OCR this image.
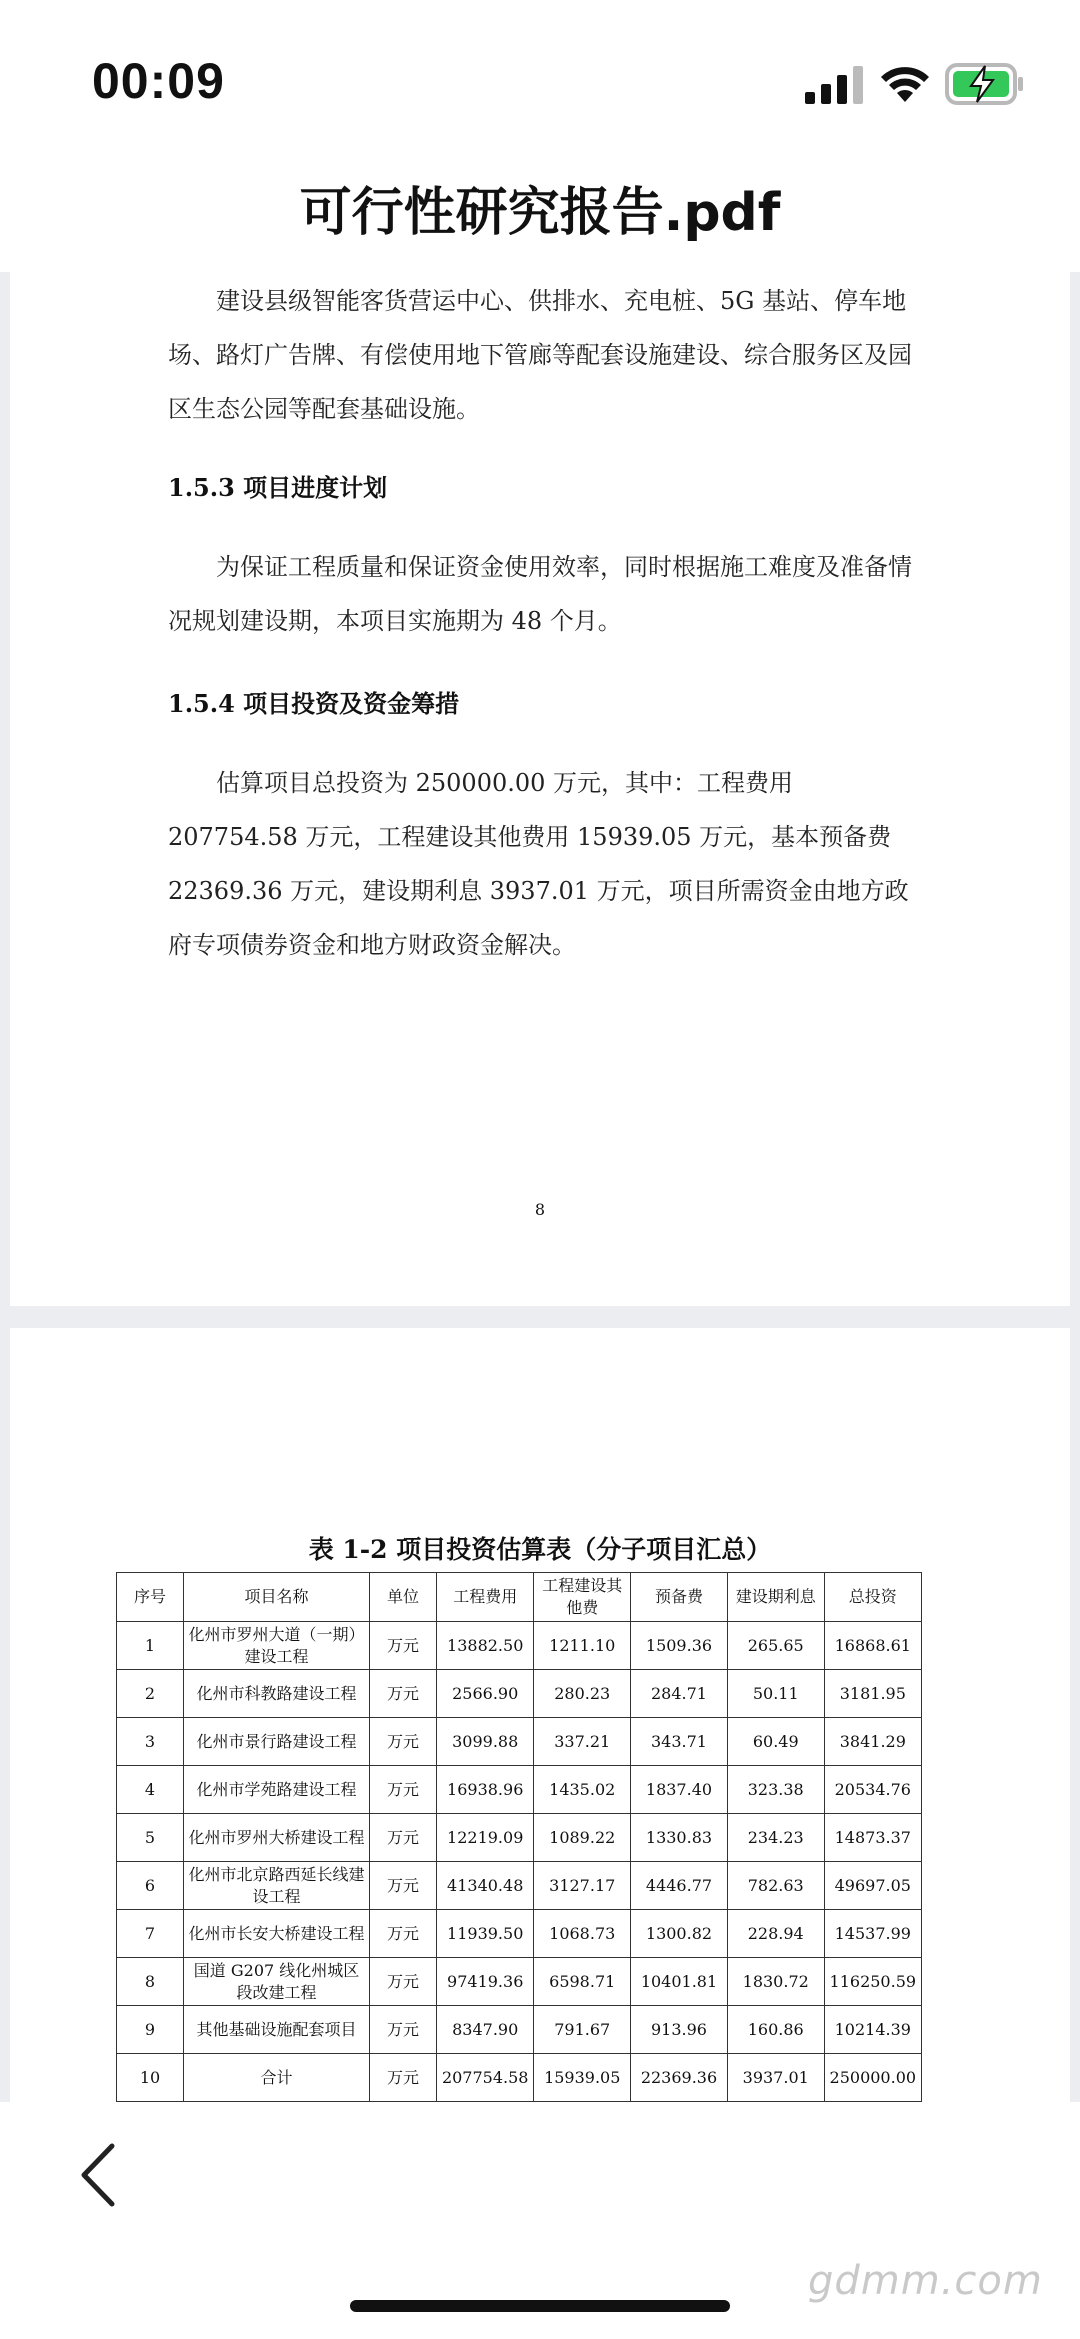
00:09
可行性研究报告.pdf
建设县级智能客货营运中心、供排水、充电桩、5G 基站、停车地场、路灯广告牌、有偿使用地下管廊等配套设施建设、综合服务区及园区生态公园等配套基础设施。
1.5.3 项目进度计划
为保证工程质量和保证资金使用效率，同时根据施工难度及准备情况规划建设期，本项目实施期为 48 个月。
1.5.4 项目投资及资金筹措
估算项目总投资为 250000.00 万元，其中：工程费用 207754.58 万元，工程建设其他费用 15939.05 万元，基本预备费 22369.36 万元，建设期利息 3937.01 万元，项目所需资金由地方政府专项债券资金和地方财政资金解决。
8
表 1-2 项目投资估算表（分子项目汇总）
序号	项目名称	单位	工程费用	工程建设其他费	预备费	建设期利息	总投资
1	化州市罗州大道（一期）建设工程	万元	13882.50	1211.10	1509.36	265.65	16868.61
2	化州市科教路建设工程	万元	2566.90	280.23	284.71	50.11	3181.95
3	化州市景行路建设工程	万元	3099.88	337.21	343.71	60.49	3841.29
4	化州市学苑路建设工程	万元	16938.96	1435.02	1837.40	323.38	20534.76
5	化州市罗州大桥建设工程	万元	12219.09	1089.22	1330.83	234.23	14873.37
6	化州市北京路西延长线建设工程	万元	41340.48	3127.17	4446.77	782.63	49697.05
7	化州市长安大桥建设工程	万元	11939.50	1068.73	1300.82	228.94	14537.99
8	国道 G207 线化州城区段改建工程	万元	97419.36	6598.71	10401.81	1830.72	116250.59
9	其他基础设施配套项目	万元	8347.90	791.67	913.96	160.86	10214.39
10	合计	万元	207754.58	15939.05	22369.36	3937.01	250000.00
gdmm.com
